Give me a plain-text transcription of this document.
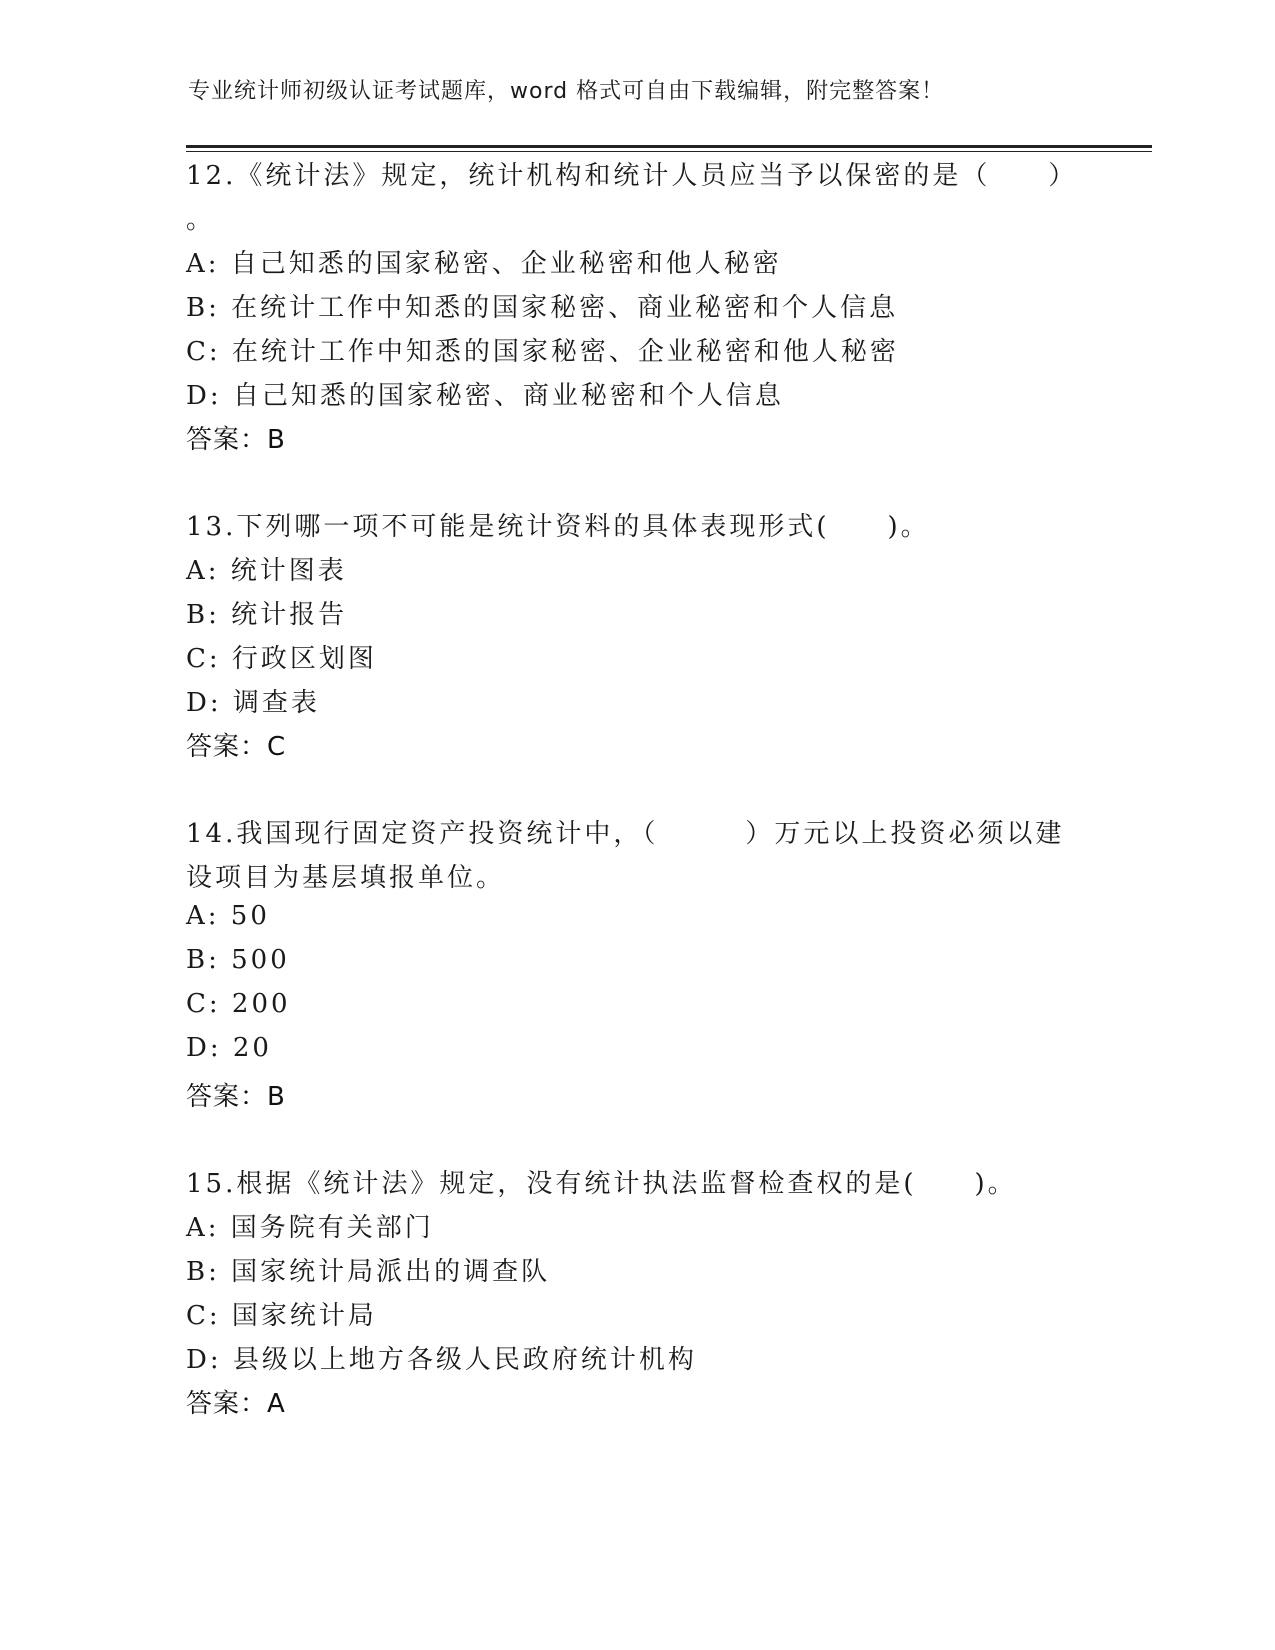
专业统计师初级认证考试题库，word 格式可自由下载编辑，附完整答案！
12.《统计法》规定，统计机构和统计人员应当予以保密的是（　　）
。
A: 自己知悉的国家秘密、企业秘密和他人秘密
B: 在统计工作中知悉的国家秘密、商业秘密和个人信息
C: 在统计工作中知悉的国家秘密、企业秘密和他人秘密
D: 自己知悉的国家秘密、商业秘密和个人信息
答案：B
13.下列哪一项不可能是统计资料的具体表现形式(　　)。
A: 统计图表
B: 统计报告
C: 行政区划图
D: 调查表
答案：C
14.我国现行固定资产投资统计中，（　　　）万元以上投资必须以建
设项目为基层填报单位。
A: 50
B: 500
C: 200
D: 20
答案：B
15.根据《统计法》规定，没有统计执法监督检查权的是(　　)。
A: 国务院有关部门
B: 国家统计局派出的调查队
C: 国家统计局
D: 县级以上地方各级人民政府统计机构
答案：A
